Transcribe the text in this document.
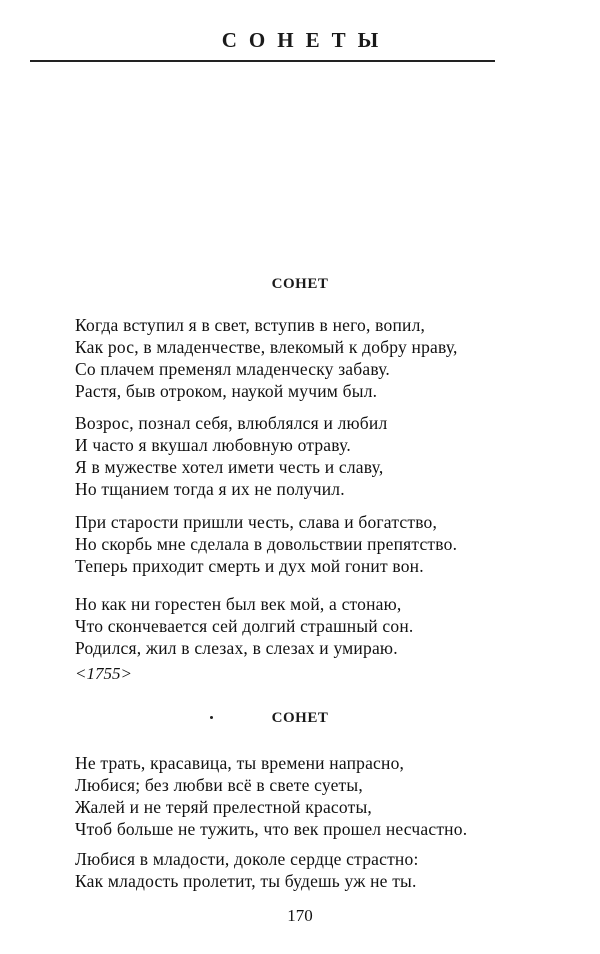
СОНЕТЫ
СОНЕТ
Когда вступил я в свет, вступив в него, вопил,
Как рос, в младенчестве, влекомый к добру нраву,
Со плачем пременял младенческу забаву.
Растя, быв отроком, наукой мучим был.
Возрос, познал себя, влюблялся и любил
И часто я вкушал любовную отраву.
Я в мужестве хотел имети честь и славу,
Но тщанием тогда я их не получил.
При старости пришли честь, слава и богатство,
Но скорбь мне сделала в довольствии препятство.
Теперь приходит смерть и дух мой гонит вон.
Но как ни горестен был век мой, а стонаю,
Что скончевается сей долгий страшный сон.
Родился, жил в слезах, в слезах и умираю.
<1755>
СОНЕТ
Не трать, красавица, ты времени напрасно,
Любися; без любви всё в свете суеты,
Жалей и не теряй прелестной красоты,
Чтоб больше не тужить, что век прошел несчастно.
Любися в младости, доколе сердце страстно:
Как младость пролетит, ты будешь уж не ты.
170
